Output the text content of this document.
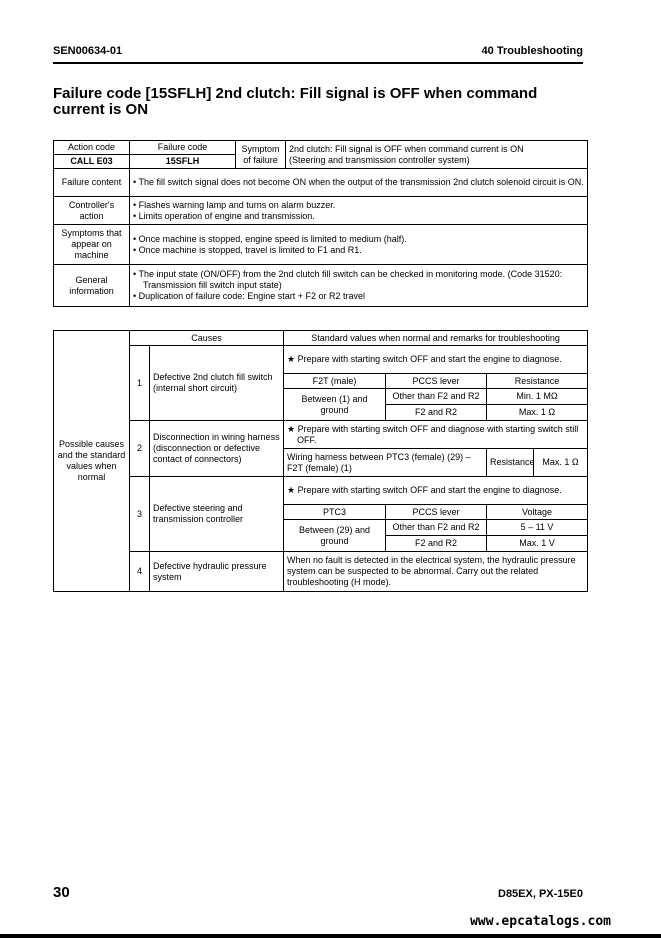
SEN00634-01	40 Troubleshooting
Failure code [15SFLH] 2nd clutch: Fill signal is OFF when command current is ON
Action code	Failure code	Symptom of failure	2nd clutch: Fill signal is OFF when command current is ON
(Steering and transmission controller system)

CALL E03	15SFLH		
Failure content	• The fill switch signal does not become ON when the output of the transmission 2nd clutch solenoid circuit is ON.		

Controller's action	• Flashes warning lamp and turns on alarm buzzer.
• Limits operation of engine and transmission.		

Symptoms that appear on machine	• Once machine is stopped, engine speed is limited to medium (half).
• Once machine is stopped, travel is limited to F1 and R1.		

General information	• The input state (ON/OFF) from the 2nd clutch fill switch can be checked in monitoring mode. (Code 31520: Transmission fill switch input state)
• Duplication of failure code: Engine start + F2 or R2 travel		
Possible causes and the standard values when normal	Causes		Standard values when normal and remarks for troubleshooting			
	1	Defective 2nd clutch fill switch (internal short circuit)	★ Prepare with starting switch OFF and start the engine to diagnose.			

			F2T (male)	PCCS lever	Resistance	
			Between (1) and ground	Other than F2 and R2	Min. 1 MΩ	
				F2 and R2	Max. 1 Ω	
	2	Disconnection in wiring harness (disconnection or defective contact of connectors)	★ Prepare with starting switch OFF and diagnose with starting switch still OFF.			

			Wiring harness between PTC3 (female) (29) – F2T (female) (1)		Resistance	Max. 1 Ω
	3	Defective steering and transmission controller	★ Prepare with starting switch OFF and start the engine to diagnose.			

			PTC3	PCCS lever	Voltage	
			Between (29) and ground	Other than F2 and R2	5 – 11 V	
				F2 and R2	Max. 1 V	
	4	Defective hydraulic pressure system	When no fault is detected in the electrical system, the hydraulic pressure system can be suspected to be abnormal. Carry out the related troubleshooting (H mode).			
30	D85EX, PX-15E0
www.epcatalogs.com
